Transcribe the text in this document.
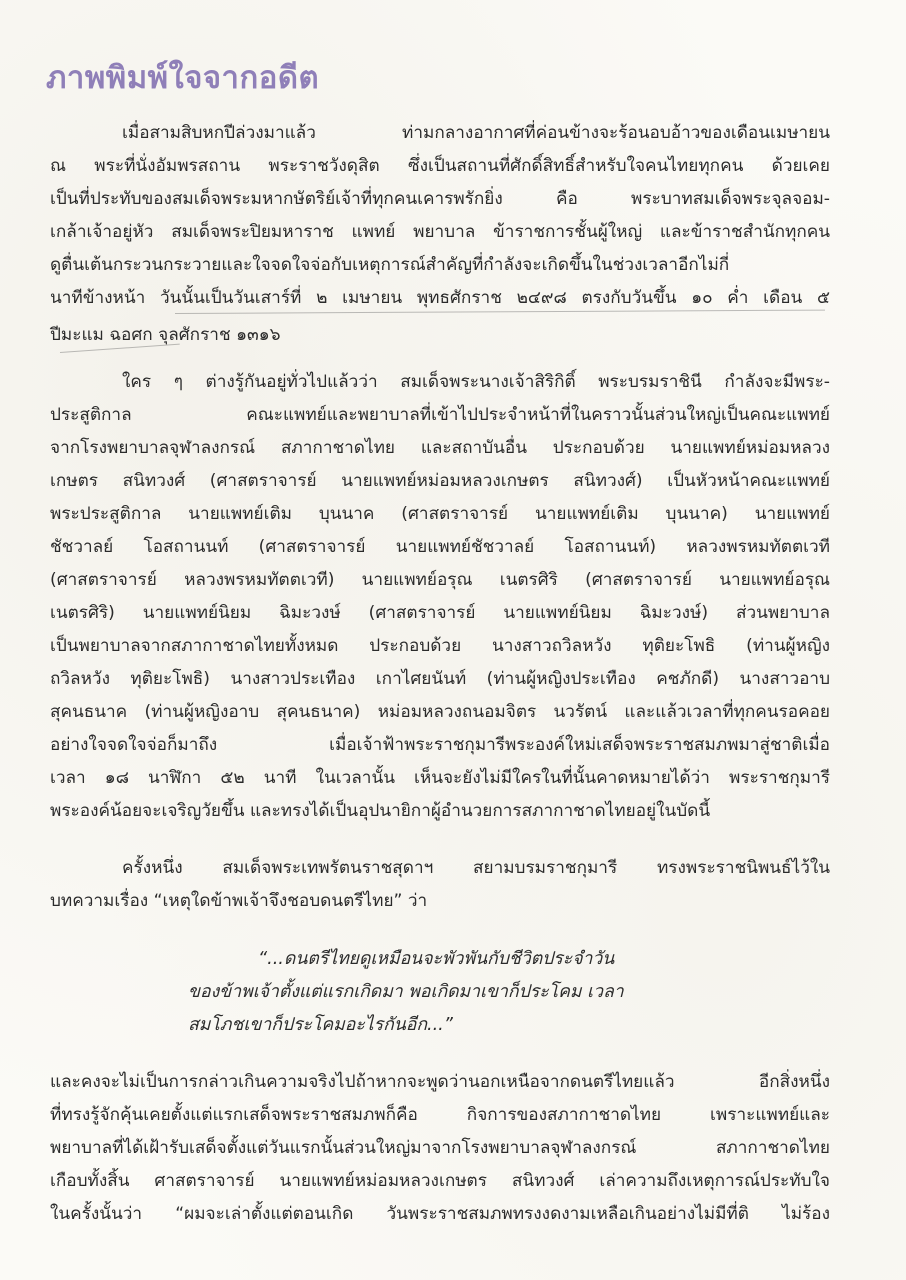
ภาพพิมพ์ใจจากอดีต
เมื่อสามสิบหกปีล่วงมาแล้ว ท่ามกลางอากาศที่ค่อนข้างจะร้อนอบอ้าวของเดือนเมษายน
ณ พระที่นั่งอัมพรสถาน พระราชวังดุสิต ซึ่งเป็นสถานที่ศักดิ์สิทธิ์สำหรับใจคนไทยทุกคน ด้วยเคย
เป็นที่ประทับของสมเด็จพระมหากษัตริย์เจ้าที่ทุกคนเคารพรักยิ่ง คือ พระบาทสมเด็จพระจุลจอม-
เกล้าเจ้าอยู่หัว สมเด็จพระปิยมหาราช แพทย์ พยาบาล ข้าราชการชั้นผู้ใหญ่ และข้าราชสำนักทุกคน
ดูตื่นเต้นกระวนกระวายและใจจดใจจ่อกับเหตุการณ์สำคัญที่กำลังจะเกิดขึ้นในช่วงเวลาอีกไม่กี่
นาทีข้างหน้า วันนั้นเป็นวันเสาร์ที่ ๒ เมษายน พุทธศักราช ๒๔๙๘ ตรงกับวันขึ้น ๑๐ ค่ำ เดือน ๕
ปีมะแม ฉอศก จุลศักราช ๑๓๑๖
ใคร ๆ ต่างรู้กันอยู่ทั่วไปแล้วว่า สมเด็จพระนางเจ้าสิริกิติ์ พระบรมราชินี กำลังจะมีพระ-
ประสูติกาล คณะแพทย์และพยาบาลที่เข้าไปประจำหน้าที่ในคราวนั้นส่วนใหญ่เป็นคณะแพทย์
จากโรงพยาบาลจุฬาลงกรณ์ สภากาชาดไทย และสถาบันอื่น ประกอบด้วย นายแพทย์หม่อมหลวง
เกษตร สนิทวงศ์ (ศาสตราจารย์ นายแพทย์หม่อมหลวงเกษตร สนิทวงศ์) เป็นหัวหน้าคณะแพทย์
พระประสูติกาล นายแพทย์เติม บุนนาค (ศาสตราจารย์ นายแพทย์เติม บุนนาค) นายแพทย์
ชัชวาลย์ โอสถานนท์ (ศาสตราจารย์ นายแพทย์ชัชวาลย์ โอสถานนท์) หลวงพรหมทัตตเวที
(ศาสตราจารย์ หลวงพรหมทัตตเวที) นายแพทย์อรุณ เนตรศิริ (ศาสตราจารย์ นายแพทย์อรุณ
เนตรศิริ) นายแพทย์นิยม ฉิมะวงษ์ (ศาสตราจารย์ นายแพทย์นิยม ฉิมะวงษ์) ส่วนพยาบาล
เป็นพยาบาลจากสภากาชาดไทยทั้งหมด ประกอบด้วย นางสาวถวิลหวัง ทุติยะโพธิ (ท่านผู้หญิง
ถวิลหวัง ทุติยะโพธิ) นางสาวประเทือง เกาไศยนันท์ (ท่านผู้หญิงประเทือง คชภักดี) นางสาวอาบ
สุคนธนาค (ท่านผู้หญิงอาบ สุคนธนาค) หม่อมหลวงถนอมจิตร นวรัตน์ และแล้วเวลาที่ทุกคนรอคอย
อย่างใจจดใจจ่อก็มาถึง เมื่อเจ้าฟ้าพระราชกุมารีพระองค์ใหม่เสด็จพระราชสมภพมาสู่ชาติเมื่อ
เวลา ๑๘ นาฬิกา ๕๒ นาที ในเวลานั้น เห็นจะยังไม่มีใครในที่นั้นคาดหมายได้ว่า พระราชกุมารี
พระองค์น้อยจะเจริญวัยขึ้น และทรงได้เป็นอุปนายิกาผู้อำนวยการสภากาชาดไทยอยู่ในบัดนี้
ครั้งหนึ่ง สมเด็จพระเทพรัตนราชสุดาฯ สยามบรมราชกุมารี ทรงพระราชนิพนธ์ไว้ใน
บทความเรื่อง “เหตุใดข้าพเจ้าจึงชอบดนตรีไทย” ว่า
“...ดนตรีไทยดูเหมือนจะพัวพันกับชีวิตประจำวัน
ของข้าพเจ้าตั้งแต่แรกเกิดมา พอเกิดมาเขาก็ประโคม เวลา
สมโภชเขาก็ประโคมอะไรกันอีก...”
และคงจะไม่เป็นการกล่าวเกินความจริงไปถ้าหากจะพูดว่านอกเหนือจากดนตรีไทยแล้ว อีกสิ่งหนึ่ง
ที่ทรงรู้จักคุ้นเคยตั้งแต่แรกเสด็จพระราชสมภพก็คือ กิจการของสภากาชาดไทย เพราะแพทย์และ
พยาบาลที่ได้เฝ้ารับเสด็จตั้งแต่วันแรกนั้นส่วนใหญ่มาจากโรงพยาบาลจุฬาลงกรณ์ สภากาชาดไทย
เกือบทั้งสิ้น ศาสตราจารย์ นายแพทย์หม่อมหลวงเกษตร สนิทวงศ์ เล่าความถึงเหตุการณ์ประทับใจ
ในครั้งนั้นว่า “ผมจะเล่าตั้งแต่ตอนเกิด วันพระราชสมภพทรงงดงามเหลือเกินอย่างไม่มีที่ติ ไม่ร้อง
